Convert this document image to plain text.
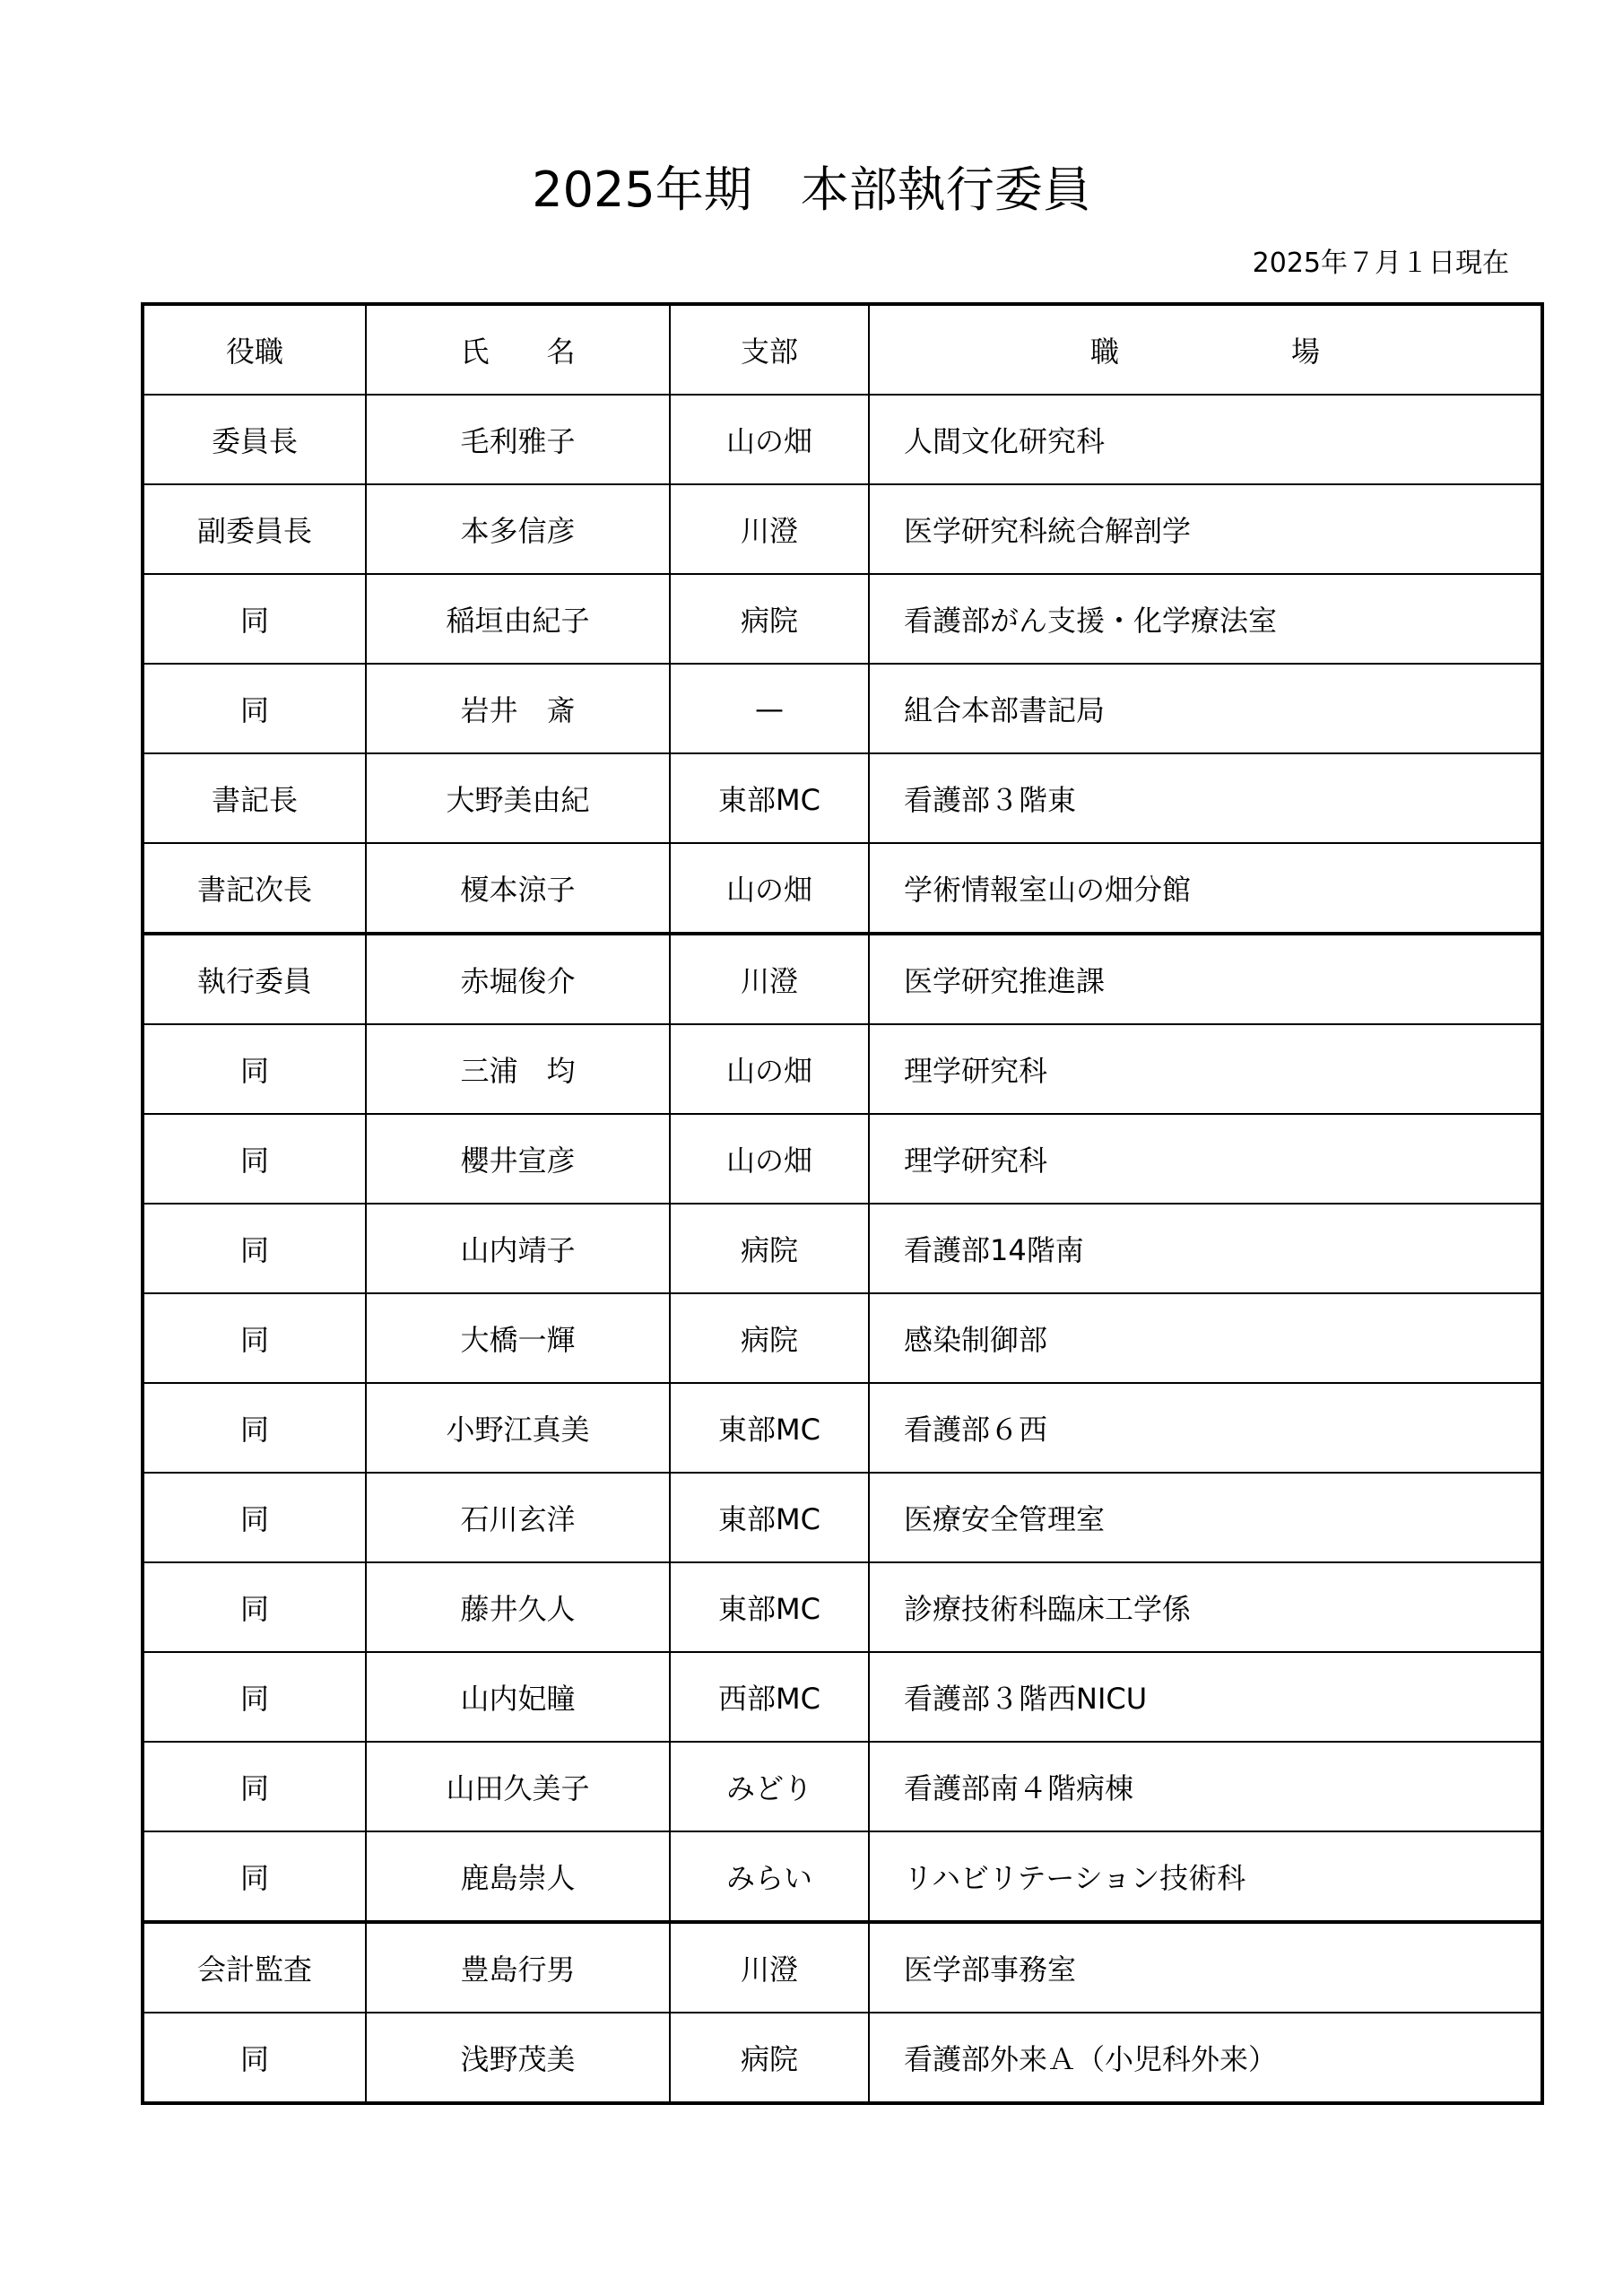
2025年期　本部執行委員
2025年７月１日現在
役職	氏　　名	支部	職　　　　　　場
委員長	毛利雅子	山の畑	人間文化研究科
副委員長	本多信彦	川澄	医学研究科統合解剖学
同	稲垣由紀子	病院	看護部がん支援・化学療法室
同	岩井　斎	—	組合本部書記局
書記長	大野美由紀	東部MC	看護部３階東
書記次長	榎本涼子	山の畑	学術情報室山の畑分館
執行委員	赤堀俊介	川澄	医学研究推進課
同	三浦　均	山の畑	理学研究科
同	櫻井宣彦	山の畑	理学研究科
同	山内靖子	病院	看護部14階南
同	大橋一輝	病院	感染制御部
同	小野江真美	東部MC	看護部６西
同	石川玄洋	東部MC	医療安全管理室
同	藤井久人	東部MC	診療技術科臨床工学係
同	山内妃瞳	西部MC	看護部３階西NICU
同	山田久美子	みどり	看護部南４階病棟
同	鹿島崇人	みらい	リハビリテーション技術科
会計監査	豊島行男	川澄	医学部事務室
同	浅野茂美	病院	看護部外来Ａ（小児科外来）
